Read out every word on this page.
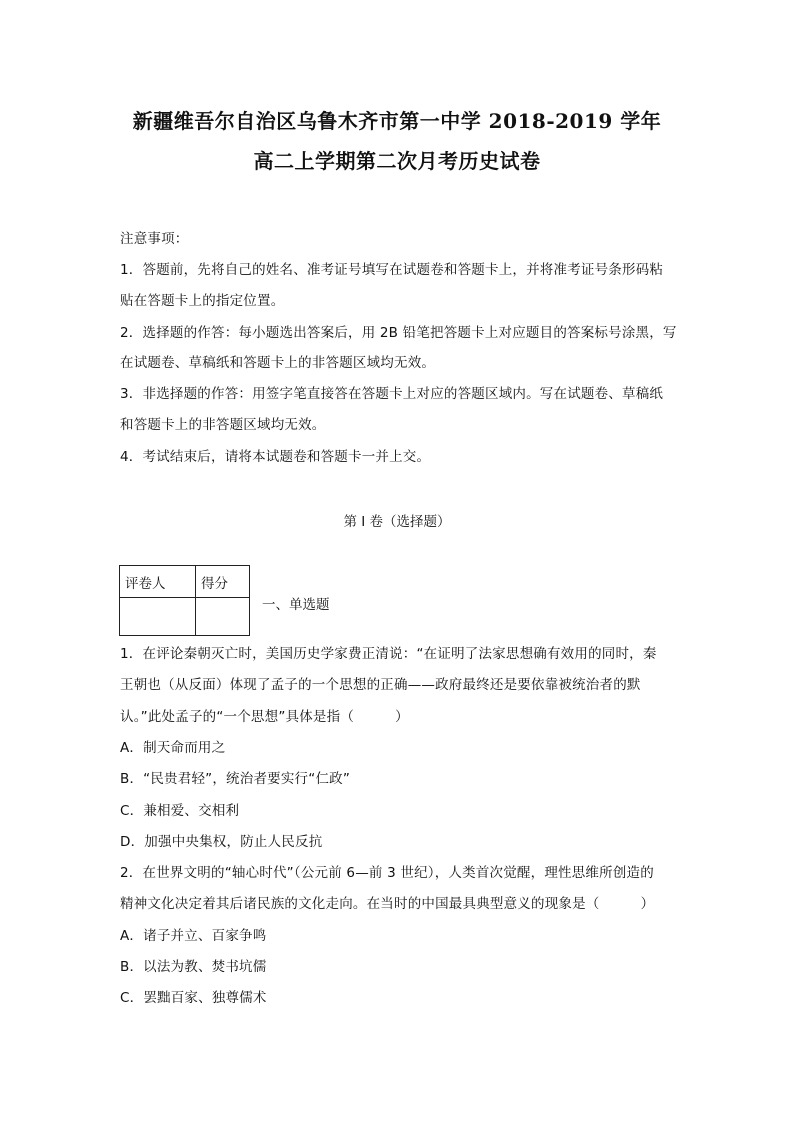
新疆维吾尔自治区乌鲁木齐市第一中学 2018-2019 学年
高二上学期第二次月考历史试卷
注意事项：
1．答题前，先将自己的姓名、准考证号填写在试题卷和答题卡上，并将准考证号条形码粘
贴在答题卡上的指定位置。
2．选择题的作答：每小题选出答案后，用 2B 铅笔把答题卡上对应题目的答案标号涂黑，写
在试题卷、草稿纸和答题卡上的非答题区域均无效。
3．非选择题的作答：用签字笔直接答在答题卡上对应的答题区域内。写在试题卷、草稿纸
和答题卡上的非答题区域均无效。
4．考试结束后，请将本试题卷和答题卡一并上交。
第 I 卷（选择题）
评卷人	得分

一、单选题
1．在评论秦朝灭亡时，美国历史学家费正清说：“在证明了法家思想确有效用的同时，秦
王朝也（从反面）体现了孟子的一个思想的正确——政府最终还是要依靠被统治者的默
认。”此处孟子的“一个思想”具体是指（　　　）
A．制天命而用之
B．“民贵君轻”，统治者要实行“仁政”
C．兼相爱、交相利
D．加强中央集权，防止人民反抗
2．在世界文明的“轴心时代”（公元前 6—前 3 世纪），人类首次觉醒，理性思维所创造的
精神文化决定着其后诸民族的文化走向。在当时的中国最具典型意义的现象是（　　　）
A．诸子并立、百家争鸣
B．以法为教、焚书坑儒
C．罢黜百家、独尊儒术
